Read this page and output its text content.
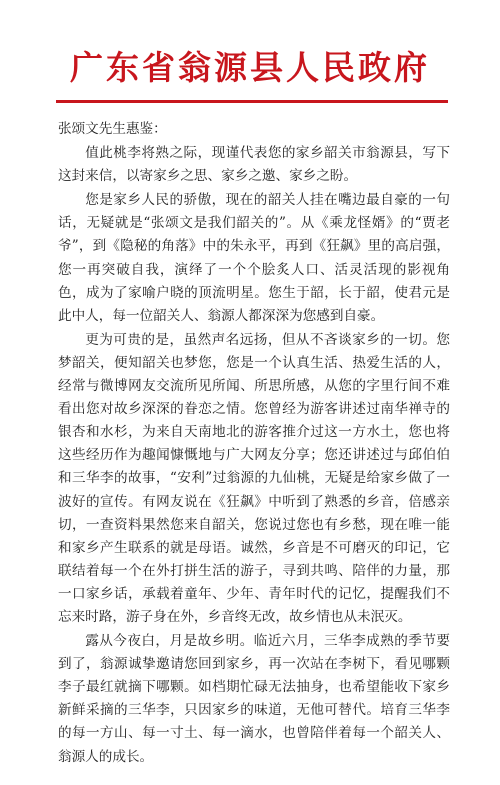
广东省翁源县人民政府
张颂文先生惠鉴：

值此桃李将熟之际，现谨代表您的家乡韶关市翁源县，写下这封来信，以寄家乡之思、家乡之邀、家乡之盼。

您是家乡人民的骄傲，现在的韶关人挂在嘴边最自豪的一句话，无疑就是“张颂文是我们韶关的”。从《乘龙怪婿》的“贾老爷”，到《隐秘的角落》中的朱永平，再到《狂飙》里的高启强，您一再突破自我，演绎了一个个脍炙人口、活灵活现的影视角色，成为了家喻户晓的顶流明星。您生于韶，长于韶，使君元是此中人，每一位韶关人、翁源人都深深为您感到自豪。

更为可贵的是，虽然声名远扬，但从不吝谈家乡的一切。您梦韶关，便知韶关也梦您，您是一个认真生活、热爱生活的人，经常与微博网友交流所见所闻、所思所感，从您的字里行间不难看出您对故乡深深的眷恋之情。您曾经为游客讲述过南华禅寺的银杏和水杉，为来自天南地北的游客推介过这一方水土，您也将这些经历作为趣闻慷慨地与广大网友分享；您还讲述过与邱伯伯和三华李的故事，“安利”过翁源的九仙桃，无疑是给家乡做了一波好的宣传。有网友说在《狂飙》中听到了熟悉的乡音，倍感亲切，一查资料果然您来自韶关，您说过您也有乡愁，现在唯一能和家乡产生联系的就是母语。诚然，乡音是不可磨灭的印记，它联结着每一个在外打拼生活的游子，寻到共鸣、陪伴的力量，那一口家乡话，承载着童年、少年、青年时代的记忆，提醒我们不忘来时路，游子身在外，乡音终无改，故乡情也从未泯灭。

露从今夜白，月是故乡明。临近六月，三华李成熟的季节要到了，翁源诚挚邀请您回到家乡，再一次站在李树下，看见哪颗李子最红就摘下哪颗。如档期忙碌无法抽身，也希望能收下家乡新鲜采摘的三华李，只因家乡的味道，无他可替代。培育三华李的每一方山、每一寸土、每一滴水，也曾陪伴着每一个韶关人、翁源人的成长。
